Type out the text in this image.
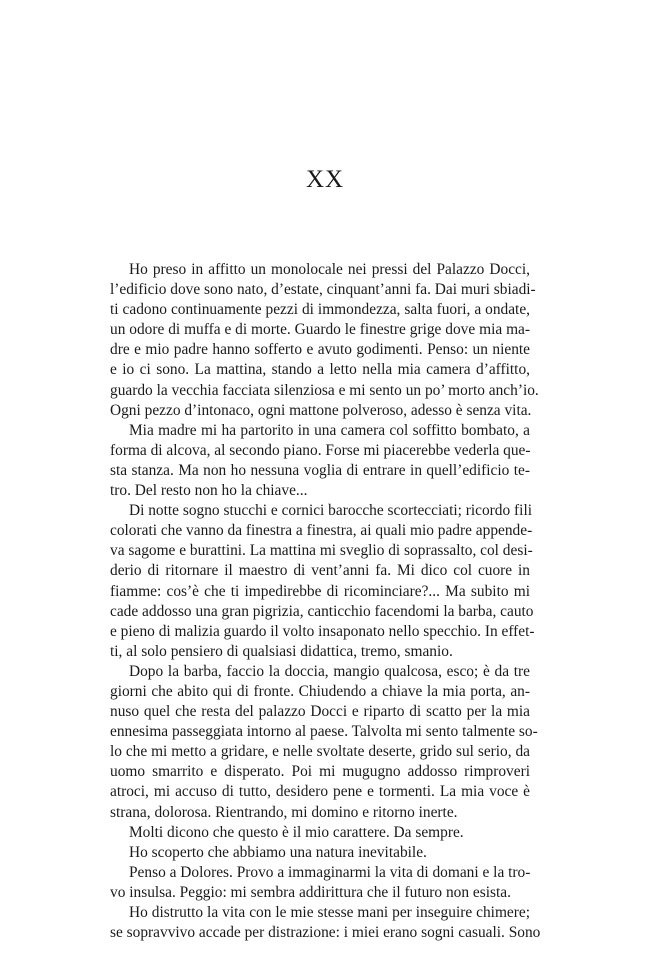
XX
Ho preso in affitto un monolocale nei pressi del Palazzo Docci,
l’edificio dove sono nato, d’estate, cinquant’anni fa. Dai muri sbiadi-
ti cadono continuamente pezzi di immondezza, salta fuori, a ondate,
un odore di muffa e di morte. Guardo le finestre grige dove mia ma-
dre e mio padre hanno sofferto e avuto godimenti. Penso: un niente
e io ci sono. La mattina, stando a letto nella mia camera d’affitto,
guardo la vecchia facciata silenziosa e mi sento un po’ morto anch’io.
Ogni pezzo d’intonaco, ogni mattone polveroso, adesso è senza vita.
Mia madre mi ha partorito in una camera col soffitto bombato, a
forma di alcova, al secondo piano. Forse mi piacerebbe vederla que-
sta stanza. Ma non ho nessuna voglia di entrare in quell’edificio te-
tro. Del resto non ho la chiave...
Di notte sogno stucchi e cornici barocche scortecciati; ricordo fili
colorati che vanno da finestra a finestra, ai quali mio padre appende-
va sagome e burattini. La mattina mi sveglio di soprassalto, col desi-
derio di ritornare il maestro di vent’anni fa. Mi dico col cuore in
fiamme: cos’è che ti impedirebbe di ricominciare?... Ma subito mi
cade addosso una gran pigrizia, canticchio facendomi la barba, cauto
e pieno di malizia guardo il volto insaponato nello specchio. In effet-
ti, al solo pensiero di qualsiasi didattica, tremo, smanio.
Dopo la barba, faccio la doccia, mangio qualcosa, esco; è da tre
giorni che abito qui di fronte. Chiudendo a chiave la mia porta, an-
nuso quel che resta del palazzo Docci e riparto di scatto per la mia
ennesima passeggiata intorno al paese. Talvolta mi sento talmente so-
lo che mi metto a gridare, e nelle svoltate deserte, grido sul serio, da
uomo smarrito e disperato. Poi mi mugugno addosso rimproveri
atroci, mi accuso di tutto, desidero pene e tormenti. La mia voce è
strana, dolorosa. Rientrando, mi domino e ritorno inerte.
Molti dicono che questo è il mio carattere. Da sempre.
Ho scoperto che abbiamo una natura inevitabile.
Penso a Dolores. Provo a immaginarmi la vita di domani e la tro-
vo insulsa. Peggio: mi sembra addirittura che il futuro non esista.
Ho distrutto la vita con le mie stesse mani per inseguire chimere;
se sopravvivo accade per distrazione: i miei erano sogni casuali. Sono
